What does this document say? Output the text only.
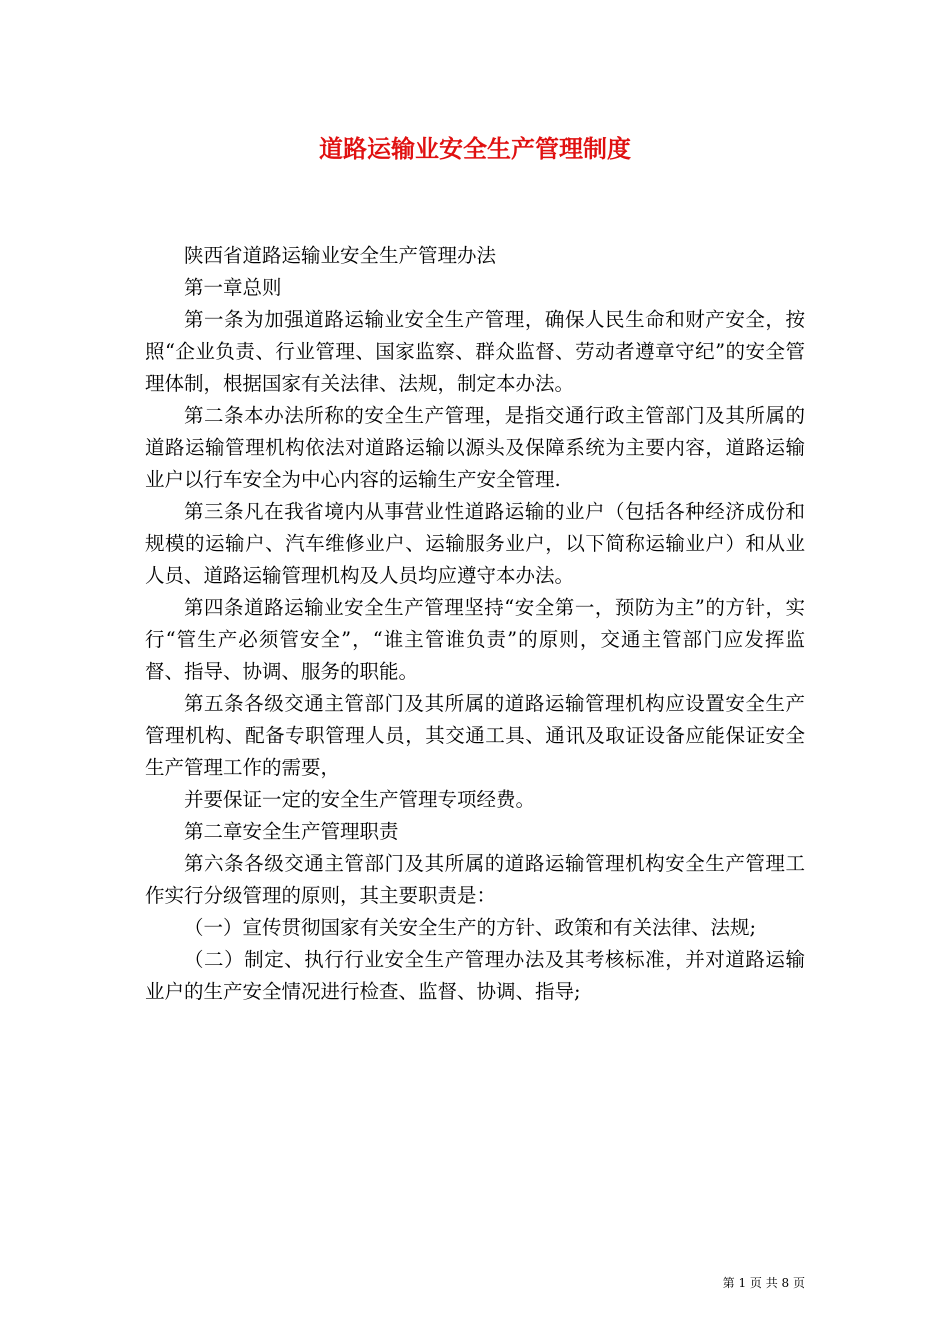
道路运输业安全生产管理制度

陕西省道路运输业安全生产管理办法

第一章总则

第一条为加强道路运输业安全生产管理，确保人民生命和财产安全，按照“企业负责、行业管理、国家监察、群众监督、劳动者遵章守纪”的安全管理体制，根据国家有关法律、法规，制定本办法。

第二条本办法所称的安全生产管理，是指交通行政主管部门及其所属的道路运输管理机构依法对道路运输以源头及保障系统为主要内容，道路运输业户以行车安全为中心内容的运输生产安全管理.

第三条凡在我省境内从事营业性道路运输的业户（包括各种经济成份和规模的运输户、汽车维修业户、运输服务业户，以下简称运输业户）和从业人员、道路运输管理机构及人员均应遵守本办法。

第四条道路运输业安全生产管理坚持“安全第一，预防为主”的方针，实行“管生产必须管安全”，“谁主管谁负责”的原则，交通主管部门应发挥监督、指导、协调、服务的职能。

第五条各级交通主管部门及其所属的道路运输管理机构应设置安全生产管理机构、配备专职管理人员，其交通工具、通讯及取证设备应能保证安全生产管理工作的需要，

并要保证一定的安全生产管理专项经费。

第二章安全生产管理职责

第六条各级交通主管部门及其所属的道路运输管理机构安全生产管理工作实行分级管理的原则，其主要职责是：

（一）宣传贯彻国家有关安全生产的方针、政策和有关法律、法规;

（二）制定、执行行业安全生产管理办法及其考核标准，并对道路运输业户的生产安全情况进行检查、监督、协调、指导;

第 1 页 共 8 页
